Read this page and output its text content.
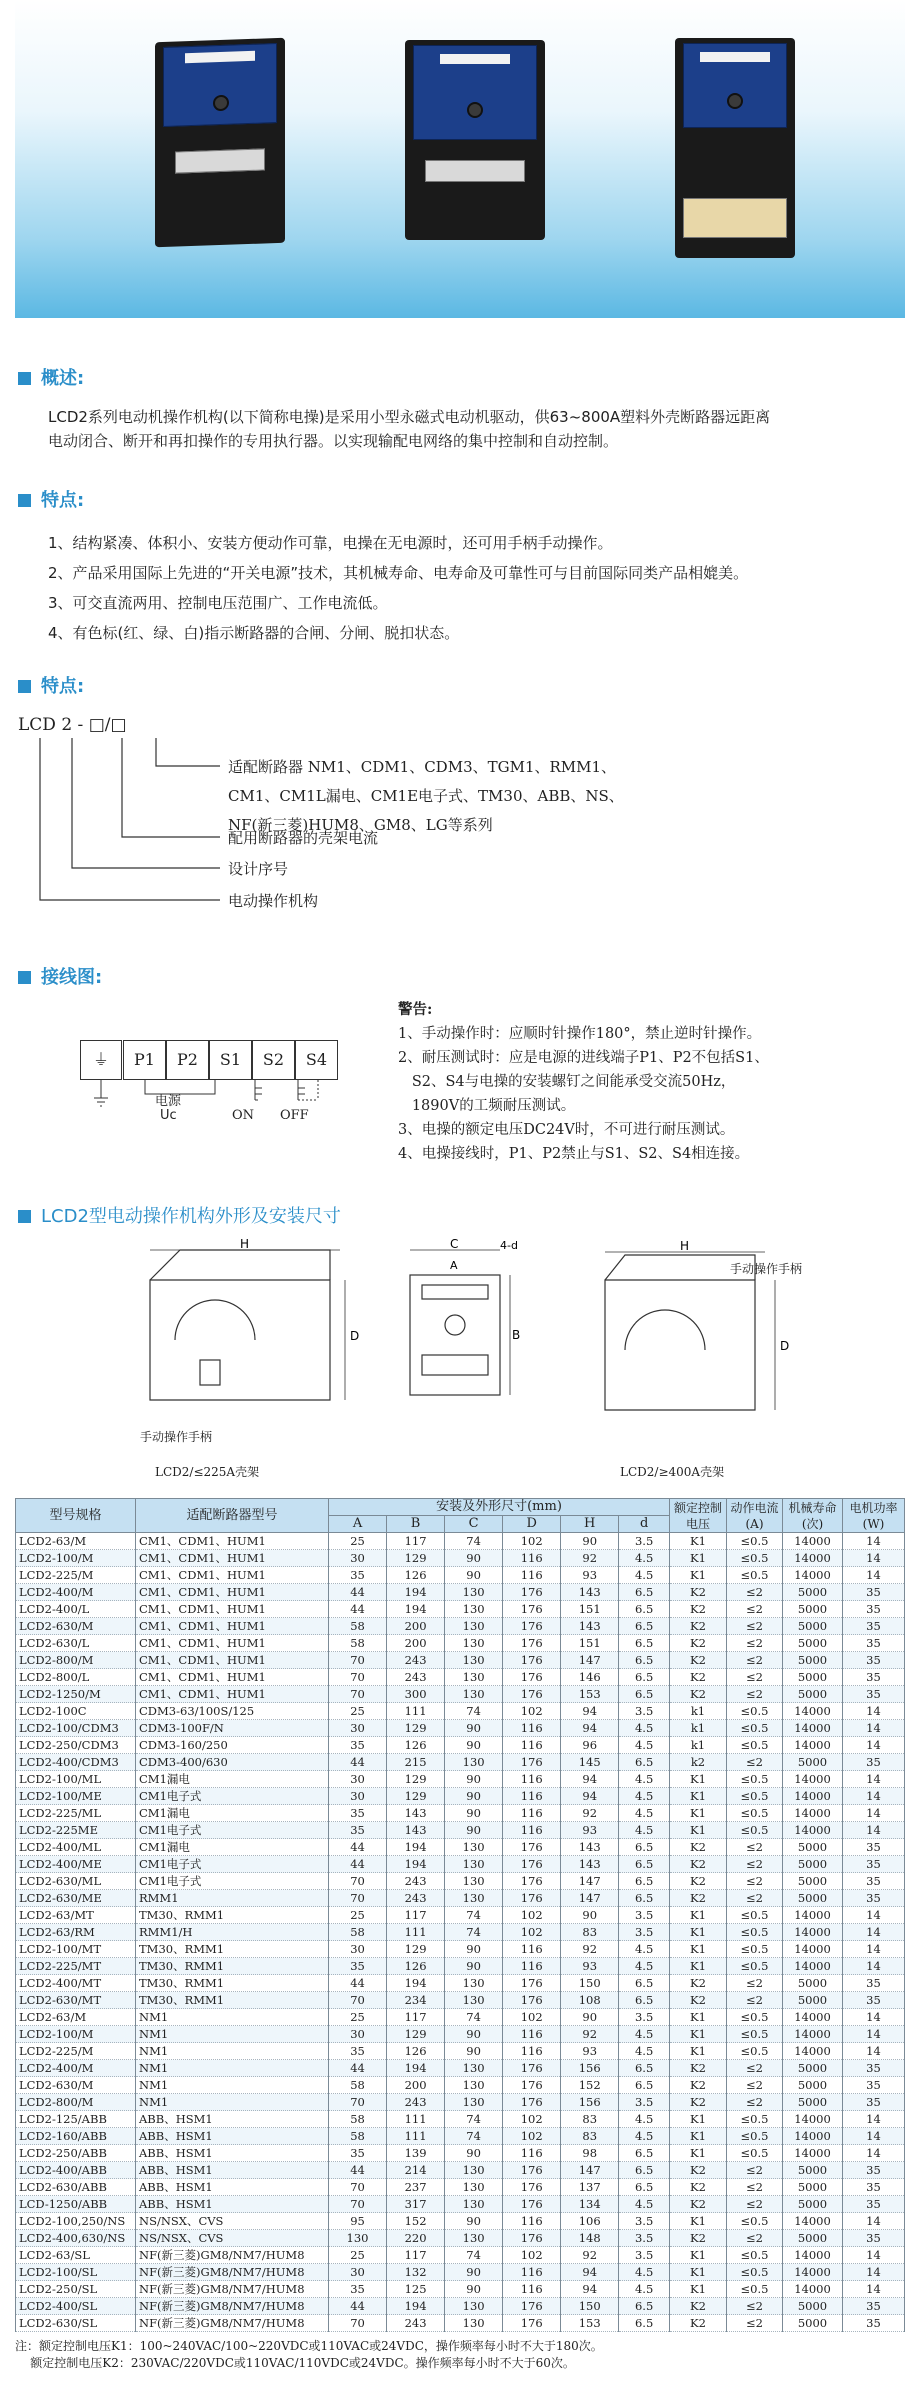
概述:
LCD2系列电动机操作机构(以下简称电操)是采用小型永磁式电动机驱动，供63~800A塑料外壳断路器远距离
电动闭合、断开和再扣操作的专用执行器。以实现输配电网络的集中控制和自动控制。
特点:
1、结构紧凑、体积小、安装方便动作可靠，电操在无电源时，还可用手柄手动操作。
2、产品采用国际上先进的“开关电源”技术，其机械寿命、电寿命及可靠性可与目前国际同类产品相媲美。
3、可交直流两用、控制电压范围广、工作电流低。
4、有色标(红、绿、白)指示断路器的合闸、分闸、脱扣状态。
特点:
LCD 2 - □/□
适配断路器 NM1、CDM1、CDM3、TGM1、RMM1、
CM1、CM1L漏电、CM1E电子式、TM30、ABB、NS、
NF(新三菱)HUM8、GM8、LG等系列
配用断路器的壳架电流
设计序号
电动操作机构
接线图:
⏚	P1	P2	S1	S2	S4
电源
Uc	ON OFF
警告:
1、手动操作时：应顺时针操作180°，禁止逆时针操作。
2、耐压测试时：应是电源的进线端子P1、P2不包括S1、
S2、S4与电操的安装螺钉之间能承受交流50Hz，
1890V的工频耐压测试。
3、电操的额定电压DC24V时，不可进行耐压测试。
4、电操接线时，P1、P2禁止与S1、S2、S4相连接。
LCD2型电动操作机构外形及安装尺寸
H
D
手动操作手柄
LCD2/≤225A壳架
C
A
B
4-d	H
D
手动操作手柄
LCD2/≥400A壳架
型号规格	适配断路器型号	安装及外形尺寸(mm)						额定控制电压	动作电流(A)	机械寿命(次)	电机功率(W)
		A	B	C	D	H	d				
LCD2-63/M	CM1、CDM1、HUM1	25	117	74	102	90	3.5	K1	≤0.5	14000	14
LCD2-100/M	CM1、CDM1、HUM1	30	129	90	116	92	4.5	K1	≤0.5	14000	14
LCD2-225/M	CM1、CDM1、HUM1	35	126	90	116	93	4.5	K1	≤0.5	14000	14
LCD2-400/M	CM1、CDM1、HUM1	44	194	130	176	143	6.5	K2	≤2	5000	35
LCD2-400/L	CM1、CDM1、HUM1	44	194	130	176	151	6.5	K2	≤2	5000	35
LCD2-630/M	CM1、CDM1、HUM1	58	200	130	176	143	6.5	K2	≤2	5000	35
LCD2-630/L	CM1、CDM1、HUM1	58	200	130	176	151	6.5	K2	≤2	5000	35
LCD2-800/M	CM1、CDM1、HUM1	70	243	130	176	147	6.5	K2	≤2	5000	35
LCD2-800/L	CM1、CDM1、HUM1	70	243	130	176	146	6.5	K2	≤2	5000	35
LCD2-1250/M	CM1、CDM1、HUM1	70	300	130	176	153	6.5	K2	≤2	5000	35
LCD2-100C	CDM3-63/100S/125	25	111	74	102	94	3.5	k1	≤0.5	14000	14
LCD2-100/CDM3	CDM3-100F/N	30	129	90	116	94	4.5	k1	≤0.5	14000	14
LCD2-250/CDM3	CDM3-160/250	35	126	90	116	96	4.5	k1	≤0.5	14000	14
LCD2-400/CDM3	CDM3-400/630	44	215	130	176	145	6.5	k2	≤2	5000	35
LCD2-100/ML	CM1漏电	30	129	90	116	94	4.5	K1	≤0.5	14000	14
LCD2-100/ME	CM1电子式	30	129	90	116	94	4.5	K1	≤0.5	14000	14
LCD2-225/ML	CM1漏电	35	143	90	116	92	4.5	K1	≤0.5	14000	14
LCD2-225ME	CM1电子式	35	143	90	116	93	4.5	K1	≤0.5	14000	14
LCD2-400/ML	CM1漏电	44	194	130	176	143	6.5	K2	≤2	5000	35
LCD2-400/ME	CM1电子式	44	194	130	176	143	6.5	K2	≤2	5000	35
LCD2-630/ML	CM1电子式	70	243	130	176	147	6.5	K2	≤2	5000	35
LCD2-630/ME	RMM1	70	243	130	176	147	6.5	K2	≤2	5000	35
LCD2-63/MT	TM30、RMM1	25	117	74	102	90	3.5	K1	≤0.5	14000	14
LCD2-63/RM	RMM1/H	58	111	74	102	83	3.5	K1	≤0.5	14000	14
LCD2-100/MT	TM30、RMM1	30	129	90	116	92	4.5	K1	≤0.5	14000	14
LCD2-225/MT	TM30、RMM1	35	126	90	116	93	4.5	K1	≤0.5	14000	14
LCD2-400/MT	TM30、RMM1	44	194	130	176	150	6.5	K2	≤2	5000	35
LCD2-630/MT	TM30、RMM1	70	234	130	176	108	6.5	K2	≤2	5000	35
LCD2-63/M	NM1	25	117	74	102	90	3.5	K1	≤0.5	14000	14
LCD2-100/M	NM1	30	129	90	116	92	4.5	K1	≤0.5	14000	14
LCD2-225/M	NM1	35	126	90	116	93	4.5	K1	≤0.5	14000	14
LCD2-400/M	NM1	44	194	130	176	156	6.5	K2	≤2	5000	35
LCD2-630/M	NM1	58	200	130	176	152	6.5	K2	≤2	5000	35
LCD2-800/M	NM1	70	243	130	176	156	3.5	K2	≤2	5000	35
LCD2-125/ABB	ABB、HSM1	58	111	74	102	83	4.5	K1	≤0.5	14000	14
LCD2-160/ABB	ABB、HSM1	58	111	74	102	83	4.5	K1	≤0.5	14000	14
LCD2-250/ABB	ABB、HSM1	35	139	90	116	98	6.5	K1	≤0.5	14000	14
LCD2-400/ABB	ABB、HSM1	44	214	130	176	147	6.5	K2	≤2	5000	35
LCD2-630/ABB	ABB、HSM1	70	237	130	176	137	6.5	K2	≤2	5000	35
LCD-1250/ABB	ABB、HSM1	70	317	130	176	134	4.5	K2	≤2	5000	35
LCD2-100,250/NS	NS/NSX、CVS	95	152	90	116	106	3.5	K1	≤0.5	14000	14
LCD2-400,630/NS	NS/NSX、CVS	130	220	130	176	148	3.5	K2	≤2	5000	35
LCD2-63/SL	NF(新三菱)GM8/NM7/HUM8	25	117	74	102	92	3.5	K1	≤0.5	14000	14
LCD2-100/SL	NF(新三菱)GM8/NM7/HUM8	30	132	90	116	94	4.5	K1	≤0.5	14000	14
LCD2-250/SL	NF(新三菱)GM8/NM7/HUM8	35	125	90	116	94	4.5	K1	≤0.5	14000	14
LCD2-400/SL	NF(新三菱)GM8/NM7/HUM8	44	194	130	176	150	6.5	K2	≤2	5000	35
LCD2-630/SL	NF(新三菱)GM8/NM7/HUM8	70	243	130	176	153	6.5	K2	≤2	5000	35
注：额定控制电压K1：100~240VAC/100~220VDC或110VAC或24VDC，操作频率每小时不大于180次。
额定控制电压K2：230VAC/220VDC或110VAC/110VDC或24VDC。操作频率每小时不大于60次。
